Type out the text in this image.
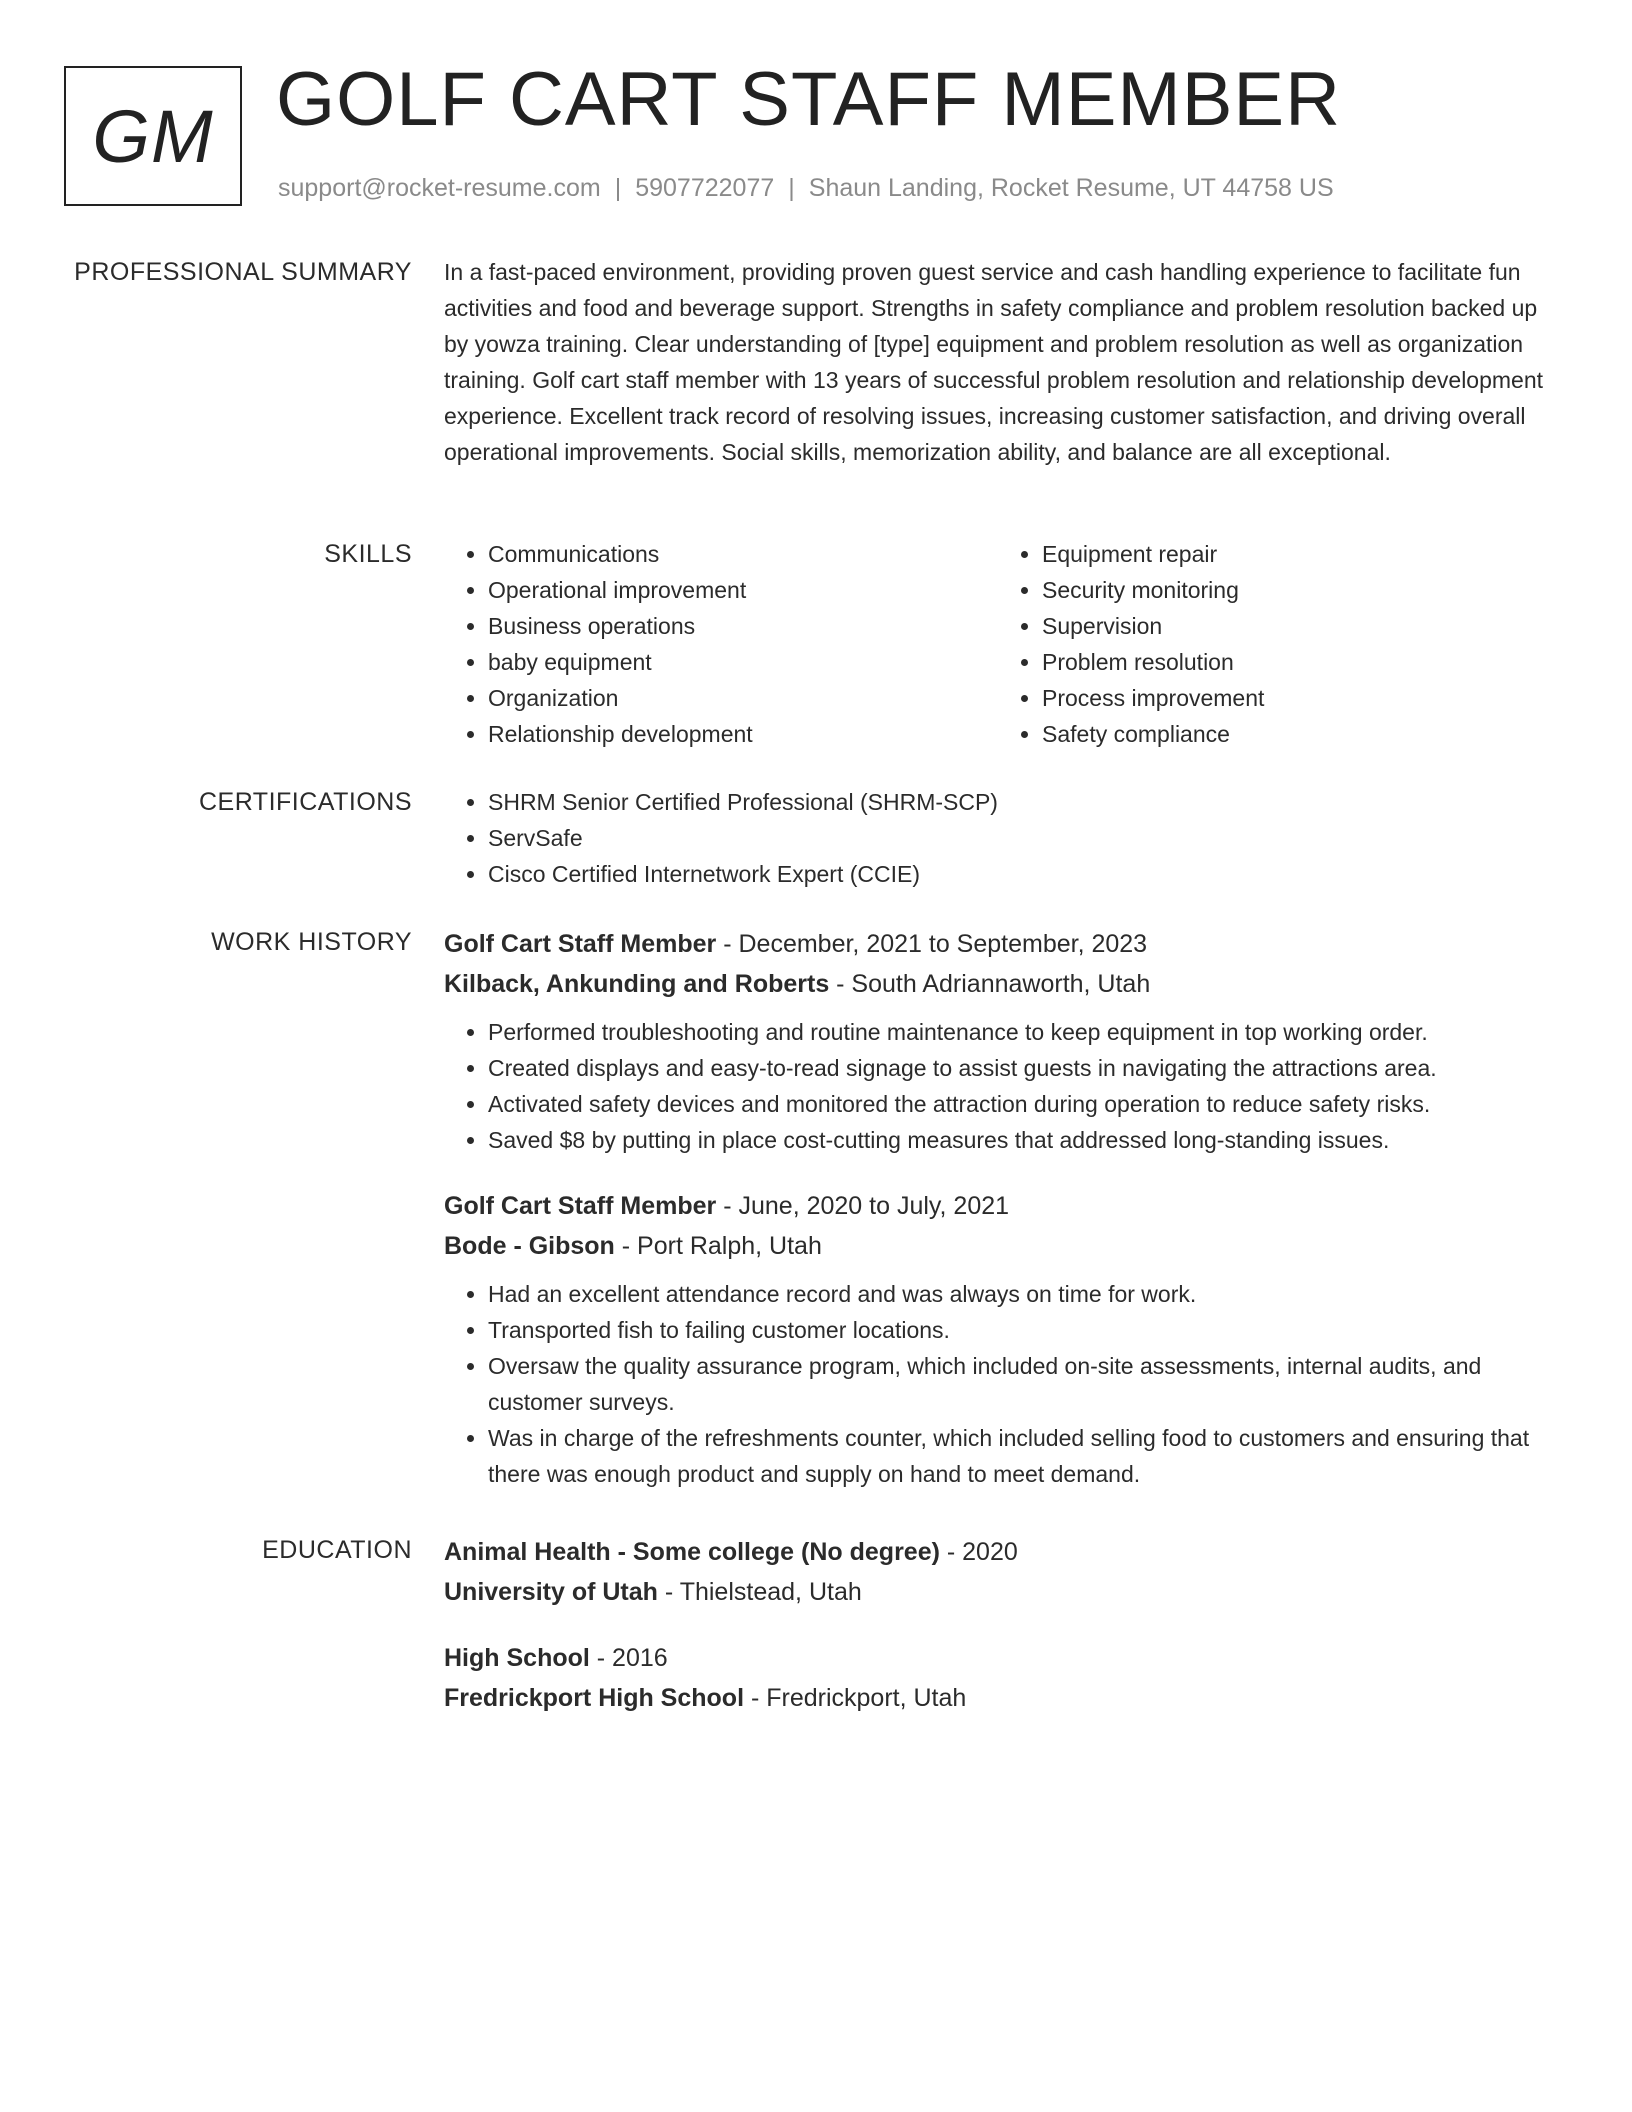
GM GOLF CART STAFF MEMBER
support@rocket-resume.com | 5907722077 | Shaun Landing, Rocket Resume, UT 44758 US
PROFESSIONAL SUMMARY In a fast-paced environment, providing proven guest service and cash handling experience to facilitate fun activities and food and beverage support. Strengths in safety compliance and problem resolution backed up by yowza training. Clear understanding of [type] equipment and problem resolution as well as organization training. Golf cart staff member with 13 years of successful problem resolution and relationship development experience. Excellent track record of resolving issues, increasing customer satisfaction, and driving overall operational improvements. Social skills, memorization ability, and balance are all exceptional.

SKILLS	• Communications
• Operational improvement
• Business operations
• baby equipment
• Organization
• Relationship development
• Equipment repair
• Security monitoring
• Supervision
• Problem resolution
• Process improvement
• Safety compliance
CERTIFICATIONS	• SHRM Senior Certified Professional (SHRM-SCP)
• ServSafe
• Cisco Certified Internetwork Expert (CCIE)
WORK HISTORY Golf Cart Staff Member - December, 2021 to September, 2023
Kilback, Ankunding and Roberts - South Adriannaworth, Utah
• Performed troubleshooting and routine maintenance to keep equipment in top working order.
• Created displays and easy-to-read signage to assist guests in navigating the attractions area.
• Activated safety devices and monitored the attraction during operation to reduce safety risks.
• Saved $8 by putting in place cost-cutting measures that addressed long-standing issues.
Golf Cart Staff Member - June, 2020 to July, 2021
Bode - Gibson - Port Ralph, Utah
• Had an excellent attendance record and was always on time for work.
• Transported fish to failing customer locations.
• Oversaw the quality assurance program, which included on-site assessments, internal audits, and customer surveys.
• Was in charge of the refreshments counter, which included selling food to customers and ensuring that there was enough product and supply on hand to meet demand.
EDUCATION Animal Health - Some college (No degree) - 2020
University of Utah - Thielstead, Utah
High School - 2016
Fredrickport High School - Fredrickport, Utah
